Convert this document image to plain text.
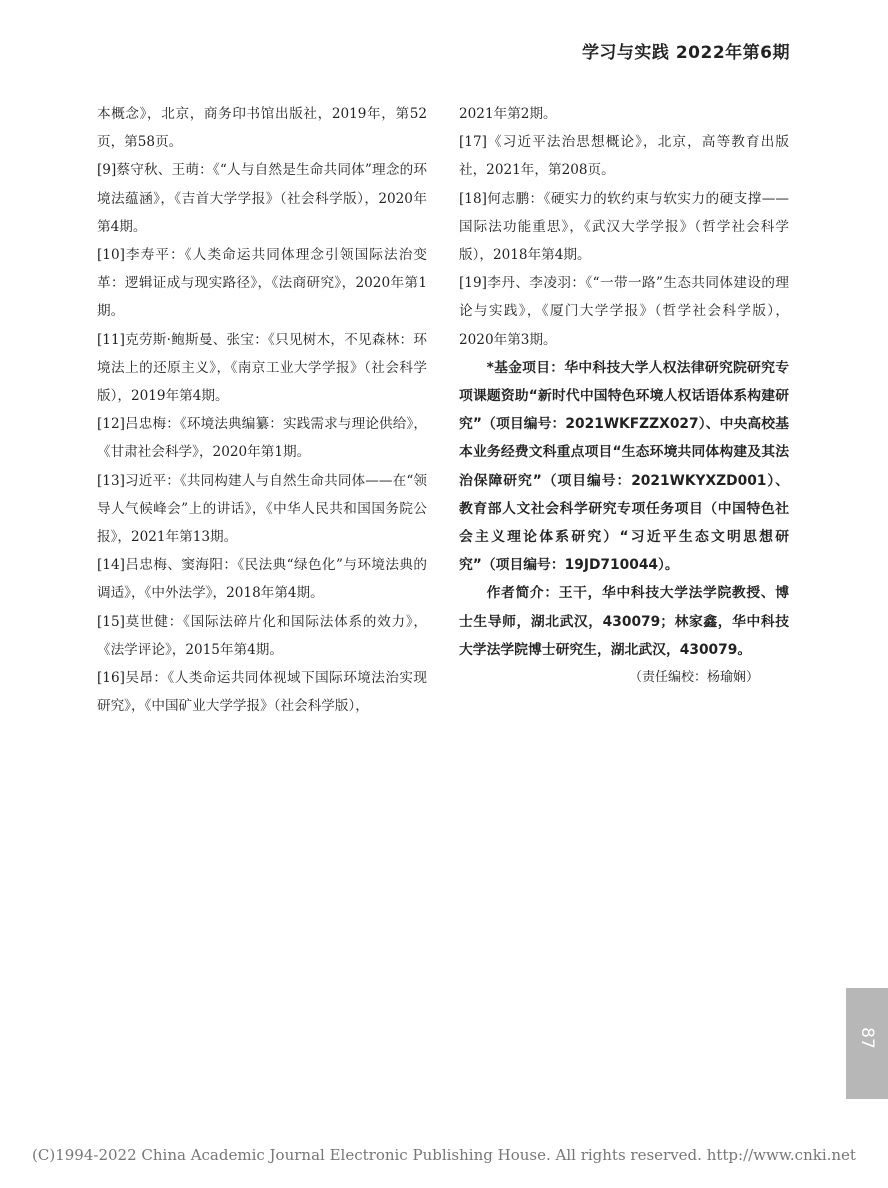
学习与实践 2022年第6期

本概念》，北京，商务印书馆出版社，2019年，第52页，第58页。

[9]蔡守秋、王萌：《“人与自然是生命共同体”理念的环境法蕴涵》，《吉首大学学报》（社会科学版），2020年第4期。

[10]李寿平：《人类命运共同体理念引领国际法治变革：逻辑证成与现实路径》，《法商研究》，2020年第1期。

[11]克劳斯·鲍斯曼、张宝：《只见树木，不见森林：环境法上的还原主义》，《南京工业大学学报》（社会科学版），2019年第4期。

[12]吕忠梅：《环境法典编纂：实践需求与理论供给》，《甘肃社会科学》，2020年第1期。

[13]习近平：《共同构建人与自然生命共同体——在“领导人气候峰会”上的讲话》，《中华人民共和国国务院公报》，2021年第13期。

[14]吕忠梅、窦海阳：《民法典“绿色化”与环境法典的调适》，《中外法学》，2018年第4期。

[15]莫世健：《国际法碎片化和国际法体系的效力》，《法学评论》，2015年第4期。

[16]吴昂：《人类命运共同体视域下国际环境法治实现研究》，《中国矿业大学学报》（社会科学版），

2021年第2期。

[17]《习近平法治思想概论》，北京，高等教育出版社，2021年，第208页。

[18]何志鹏：《硬实力的软约束与软实力的硬支撑——国际法功能重思》，《武汉大学学报》（哲学社会科学版），2018年第4期。

[19]李丹、李凌羽：《“一带一路”生态共同体建设的理论与实践》，《厦门大学学报》（哲学社会科学版），2020年第3期。

*基金项目：华中科技大学人权法律研究院研究专项课题资助“新时代中国特色环境人权话语体系构建研究”（项目编号：2021WKFZZX027）、中央高校基本业务经费文科重点项目“生态环境共同体构建及其法治保障研究”（项目编号：2021WKYXZD001）、教育部人文社会科学研究专项任务项目（中国特色社会主义理论体系研究）“习近平生态文明思想研究”（项目编号：19JD710044）。

作者简介：王干，华中科技大学法学院教授、博士生导师，湖北武汉，430079；林家鑫，华中科技大学法学院博士研究生，湖北武汉，430079。

（责任编校：杨瑜娴）

87
(C)1994-2022 China Academic Journal Electronic Publishing House. All rights reserved. http://www.cnki.net
